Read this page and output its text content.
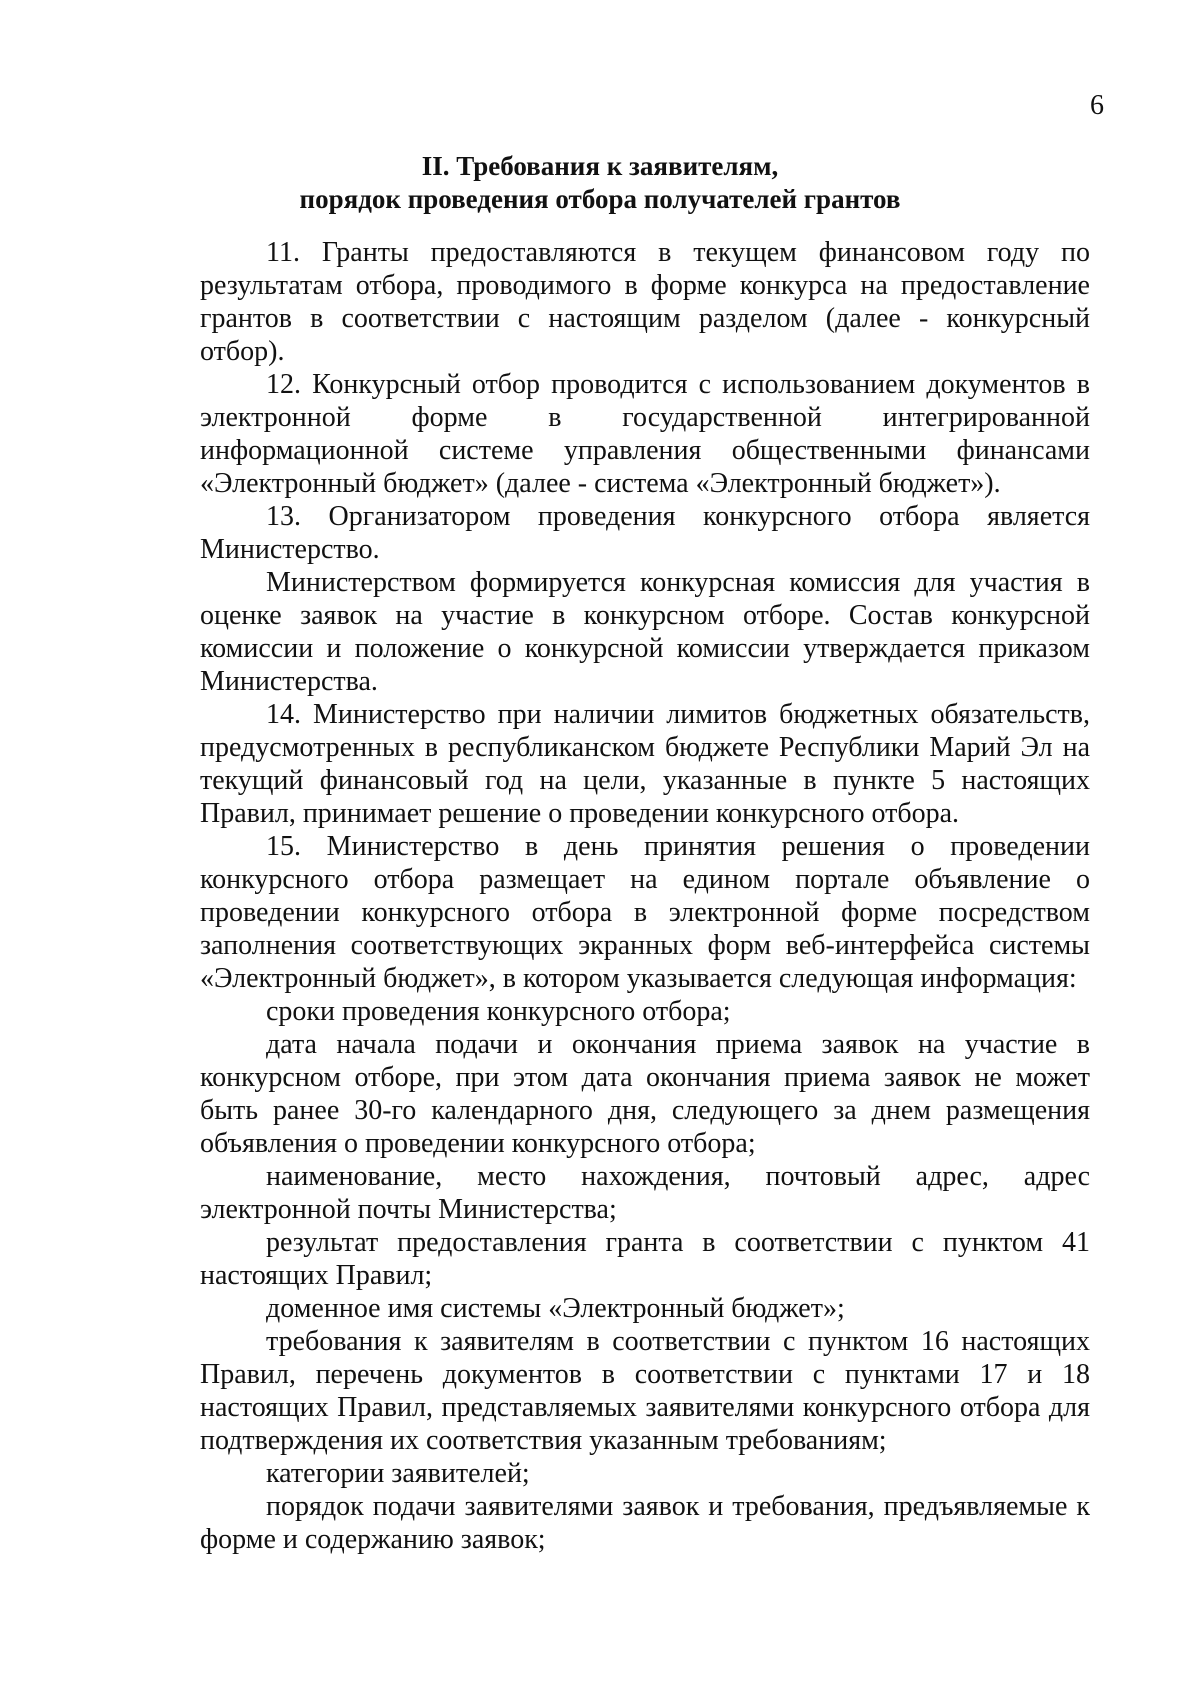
6
II. Требования к заявителям,
порядок проведения отбора получателей грантов

11. Гранты предоставляются в текущем финансовом году по результатам отбора, проводимого в форме конкурса на предоставление грантов в соответствии с настоящим разделом (далее - конкурсный отбор).

12. Конкурсный отбор проводится с использованием документов в электронной форме в государственной интегрированной информационной системе управления общественными финансами «Электронный бюджет» (далее - система «Электронный бюджет»).

13. Организатором проведения конкурсного отбора является Министерство.

Министерством формируется конкурсная комиссия для участия в оценке заявок на участие в конкурсном отборе. Состав конкурсной комиссии и положение о конкурсной комиссии утверждается приказом Министерства.

14. Министерство при наличии лимитов бюджетных обязательств, предусмотренных в республиканском бюджете Республики Марий Эл на текущий финансовый год на цели, указанные в пункте 5 настоящих Правил, принимает решение о проведении конкурсного отбора.

15. Министерство в день принятия решения о проведении конкурсного отбора размещает на едином портале объявление о проведении конкурсного отбора в электронной форме посредством заполнения соответствующих экранных форм веб-интерфейса системы «Электронный бюджет», в котором указывается следующая информация:

сроки проведения конкурсного отбора;

дата начала подачи и окончания приема заявок на участие в конкурсном отборе, при этом дата окончания приема заявок не может быть ранее 30-го календарного дня, следующего за днем размещения объявления о проведении конкурсного отбора;

наименование, место нахождения, почтовый адрес, адрес электронной почты Министерства;

результат предоставления гранта в соответствии с пунктом 41 настоящих Правил;

доменное имя системы «Электронный бюджет»;

требования к заявителям в соответствии с пунктом 16 настоящих Правил, перечень документов в соответствии с пунктами 17 и 18 настоящих Правил, представляемых заявителями конкурсного отбора для подтверждения их соответствия указанным требованиям;

категории заявителей;

порядок подачи заявителями заявок и требования, предъявляемые к форме и содержанию заявок;
